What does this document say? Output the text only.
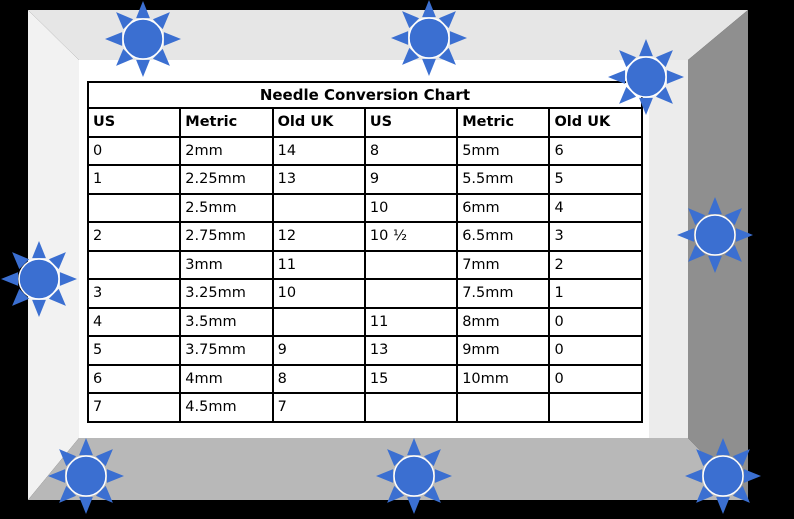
Needle Conversion Chart					
US	Metric	Old UK	US	Metric	Old UK
0	2mm	14	8	5mm	6
1	2.25mm	13	9	5.5mm	5
	2.5mm		10	6mm	4
2	2.75mm	12	10 ½	6.5mm	3
	3mm	11		7mm	2
3	3.25mm	10		7.5mm	1
4	3.5mm		11	8mm	0
5	3.75mm	9	13	9mm	0
6	4mm	8	15	10mm	0
7	4.5mm	7			
